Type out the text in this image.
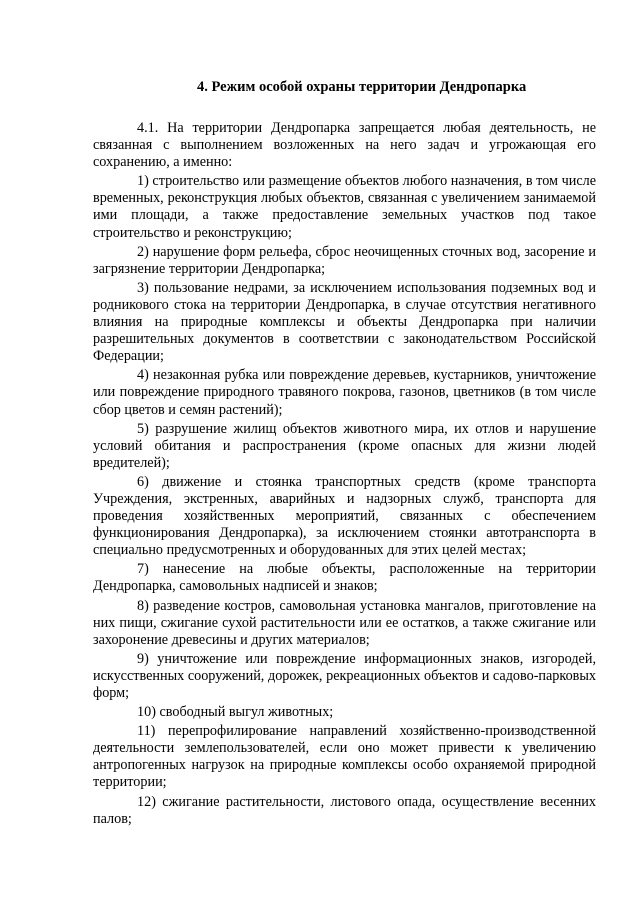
4. Режим особой охраны территории Дендропарка

4.1. На территории Дендропарка запрещается любая деятельность, не связанная с выполнением возложенных на него задач и угрожающая его сохранению, а именно:

1) строительство или размещение объектов любого назначения, в том числе временных, реконструкция любых объектов, связанная с увеличением занимаемой ими площади, а также предоставление земельных участков под такое строительство и реконструкцию;

2) нарушение форм рельефа, сброс неочищенных сточных вод, засорение и загрязнение территории Дендропарка;

3) пользование недрами, за исключением использования подземных вод и родникового стока на территории Дендропарка, в случае отсутствия негативного влияния на природные комплексы и объекты Дендропарка при наличии разрешительных документов в соответствии с законодательством Российской Федерации;

4) незаконная рубка или повреждение деревьев, кустарников, уничтожение или повреждение природного травяного покрова, газонов, цветников (в том числе сбор цветов и семян растений);

5) разрушение жилищ объектов животного мира, их отлов и нарушение условий обитания и распространения (кроме опасных для жизни людей вредителей);

6) движение и стоянка транспортных средств (кроме транспорта Учреждения, экстренных, аварийных и надзорных служб, транспорта для проведения хозяйственных мероприятий, связанных с обеспечением функционирования Дендропарка), за исключением стоянки автотранспорта в специально предусмотренных и оборудованных для этих целей местах;

7) нанесение на любые объекты, расположенные на территории Дендропарка, самовольных надписей и знаков;

8) разведение костров, самовольная установка мангалов, приготовление на них пищи, сжигание сухой растительности или ее остатков, а также сжигание или захоронение древесины и других материалов;

9) уничтожение или повреждение информационных знаков, изгородей, искусственных сооружений, дорожек, рекреационных объектов и садово-парковых форм;

10) свободный выгул животных;

11) перепрофилирование направлений хозяйственно-производственной деятельности землепользователей, если оно может привести к увеличению антропогенных нагрузок на природные комплексы особо охраняемой природной территории;

12) сжигание растительности, листового опада, осуществление весенних палов;
